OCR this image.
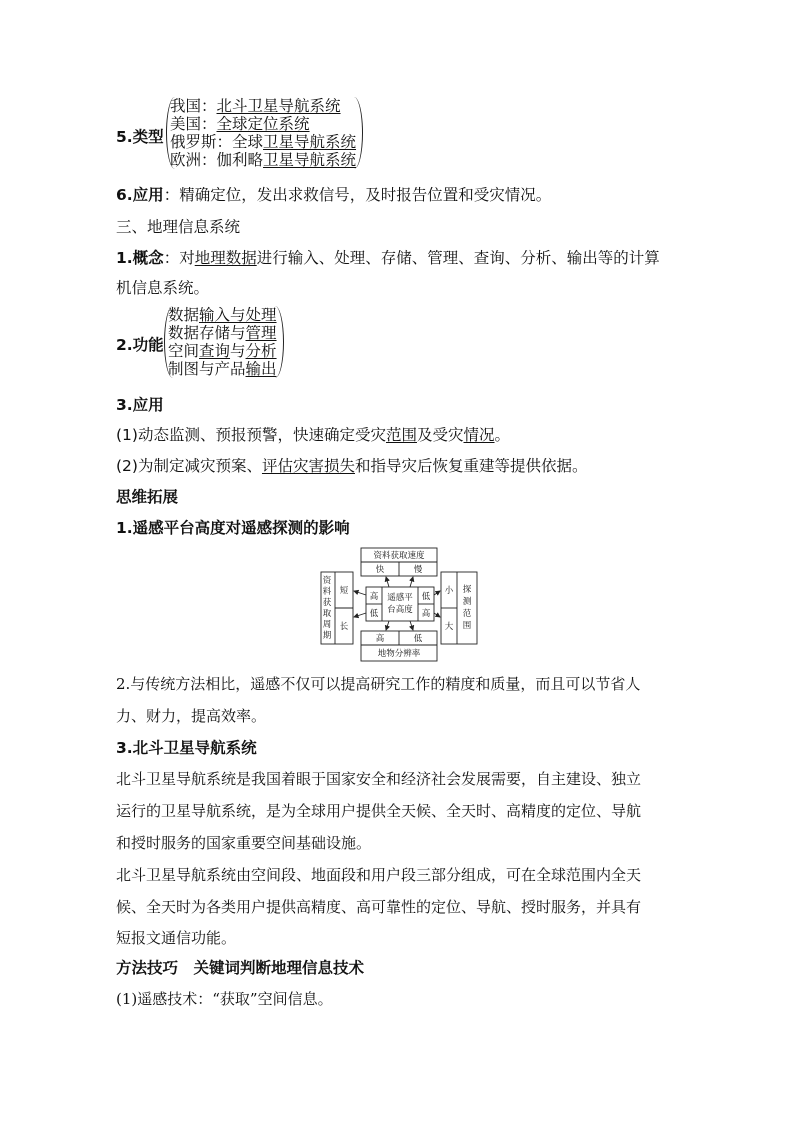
5.类型
我国：北斗卫星导航系统
美国：全球定位系统
俄罗斯：全球卫星导航系统
欧洲：伽利略卫星导航系统
6.应用：精确定位，发出求救信号，及时报告位置和受灾情况。
三、地理信息系统
1.概念：对地理数据进行输入、处理、存储、管理、查询、分析、输出等的计算
机信息系统。
2.功能
数据输入与处理
数据存储与管理
空间查询与分析
制图与产品输出
3.应用
(1)动态监测、预报预警，快速确定受灾范围及受灾情况。
(2)为制定减灾预案、评估灾害损失和指导灾后恢复重建等提供依据。
思维拓展
1.遥感平台高度对遥感探测的影响
资料获取速度
快	慢
高	低
地物分辨率
短
长
高
低
低
高
小
大
遥感平台高度
资料获取周期
探测范围
2.与传统方法相比，遥感不仅可以提高研究工作的精度和质量，而且可以节省人
力、财力，提高效率。
3.北斗卫星导航系统
北斗卫星导航系统是我国着眼于国家安全和经济社会发展需要，自主建设、独立
运行的卫星导航系统，是为全球用户提供全天候、全天时、高精度的定位、导航
和授时服务的国家重要空间基础设施。
北斗卫星导航系统由空间段、地面段和用户段三部分组成，可在全球范围内全天
候、全天时为各类用户提供高精度、高可靠性的定位、导航、授时服务，并具有
短报文通信功能。
方法技巧　关键词判断地理信息技术
(1)遥感技术：“获取”空间信息。
